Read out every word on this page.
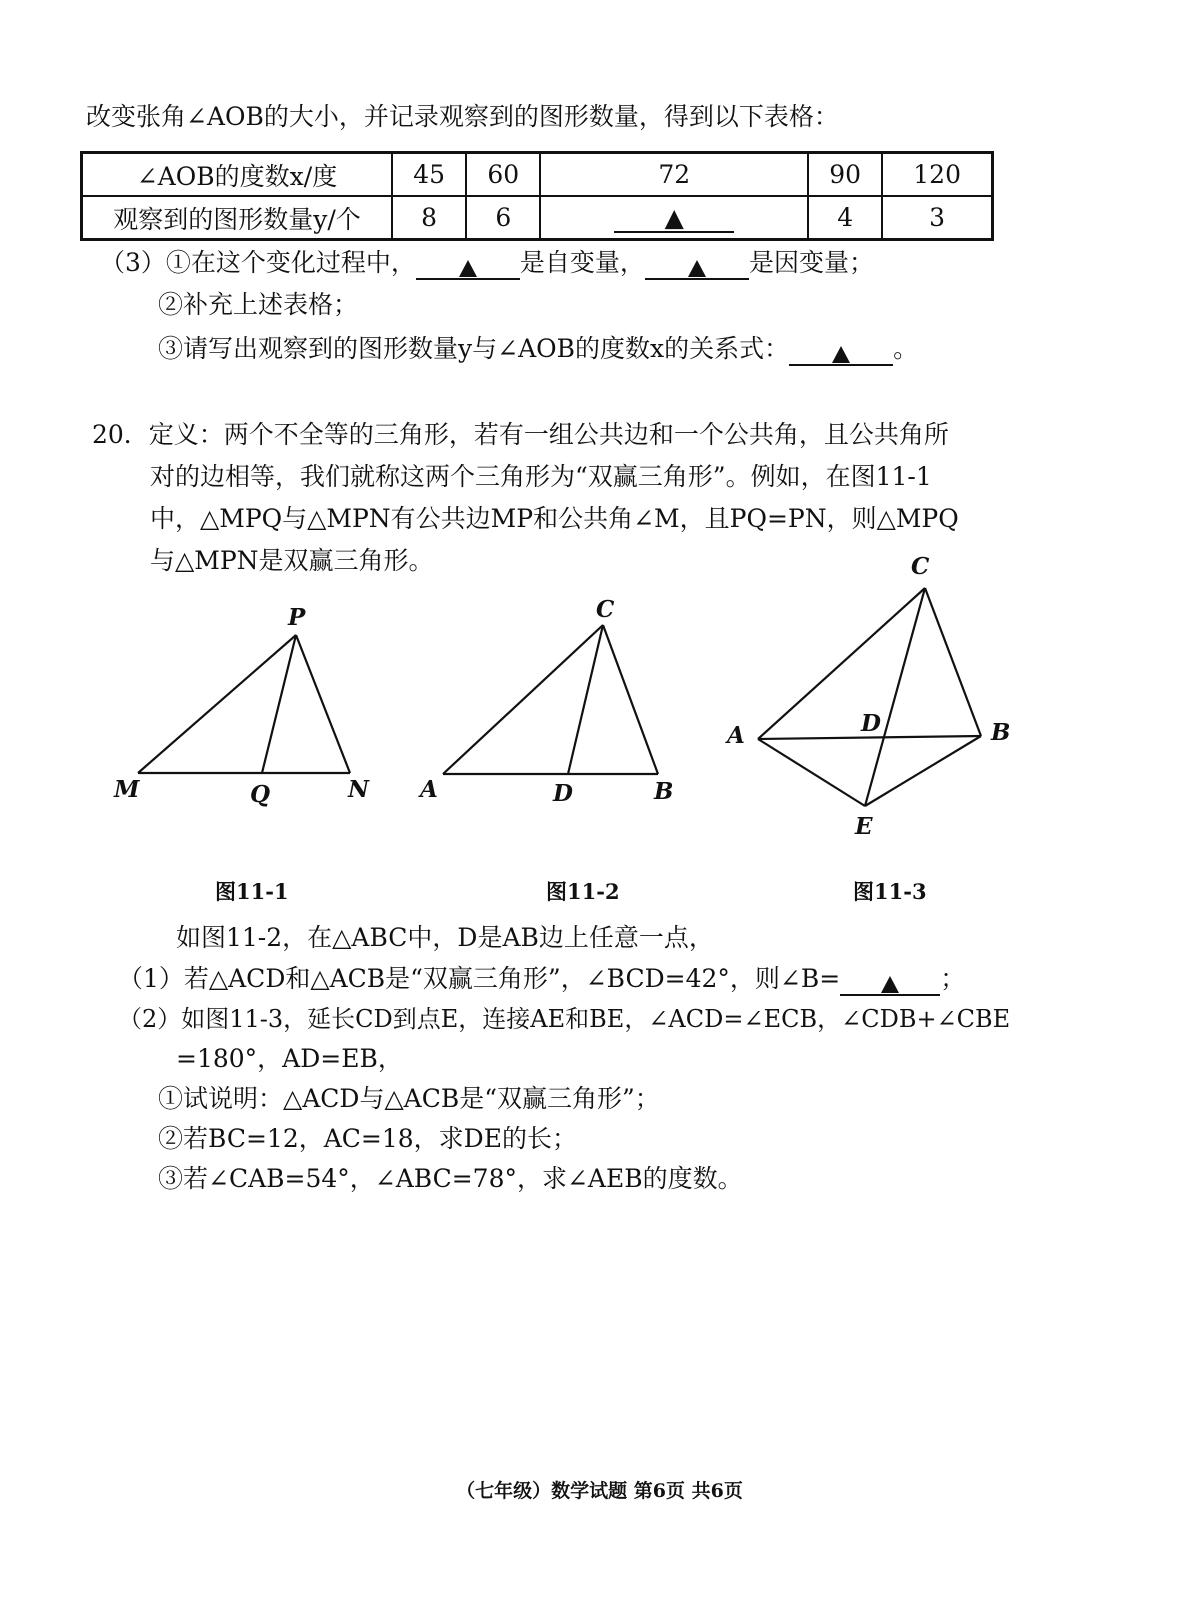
改变张角∠AOB的大小，并记录观察到的图形数量，得到以下表格：
∠AOB的度数x/度	45	60	72	90	120
观察到的图形数量y/个	8	6	▲	4	3
（3）①在这个变化过程中，	是自变量，	是因变量；
②补充上述表格；
③请写出观察到的图形数量y与∠AOB的度数x的关系式：	。
20．定义：两个不全等的三角形，若有一组公共边和一个公共角，且公共角所
对的边相等，我们就称这两个三角形为“双赢三角形”。例如，在图11-1
中，△MPQ与△MPN有公共边MP和公共角∠M，且PQ=PN，则△MPQ
与△MPN是双赢三角形。
P
M	Q	N
C
A	D	B
C
A	D	B
E
图11-1	图11-2	图11-3
如图11-2，在△ABC中，D是AB边上任意一点，
（1）若△ACD和△ACB是“双赢三角形”，∠BCD=42°，则∠B=	；
（2）如图11-3，延长CD到点E，连接AE和BE，∠ACD=∠ECB，∠CDB+∠CBE
=180°，AD=EB，
①试说明：△ACD与△ACB是“双赢三角形”；
②若BC=12，AC=18，求DE的长；
③若∠CAB=54°，∠ABC=78°，求∠AEB的度数。
（七年级）数学试题 第6页 共6页
